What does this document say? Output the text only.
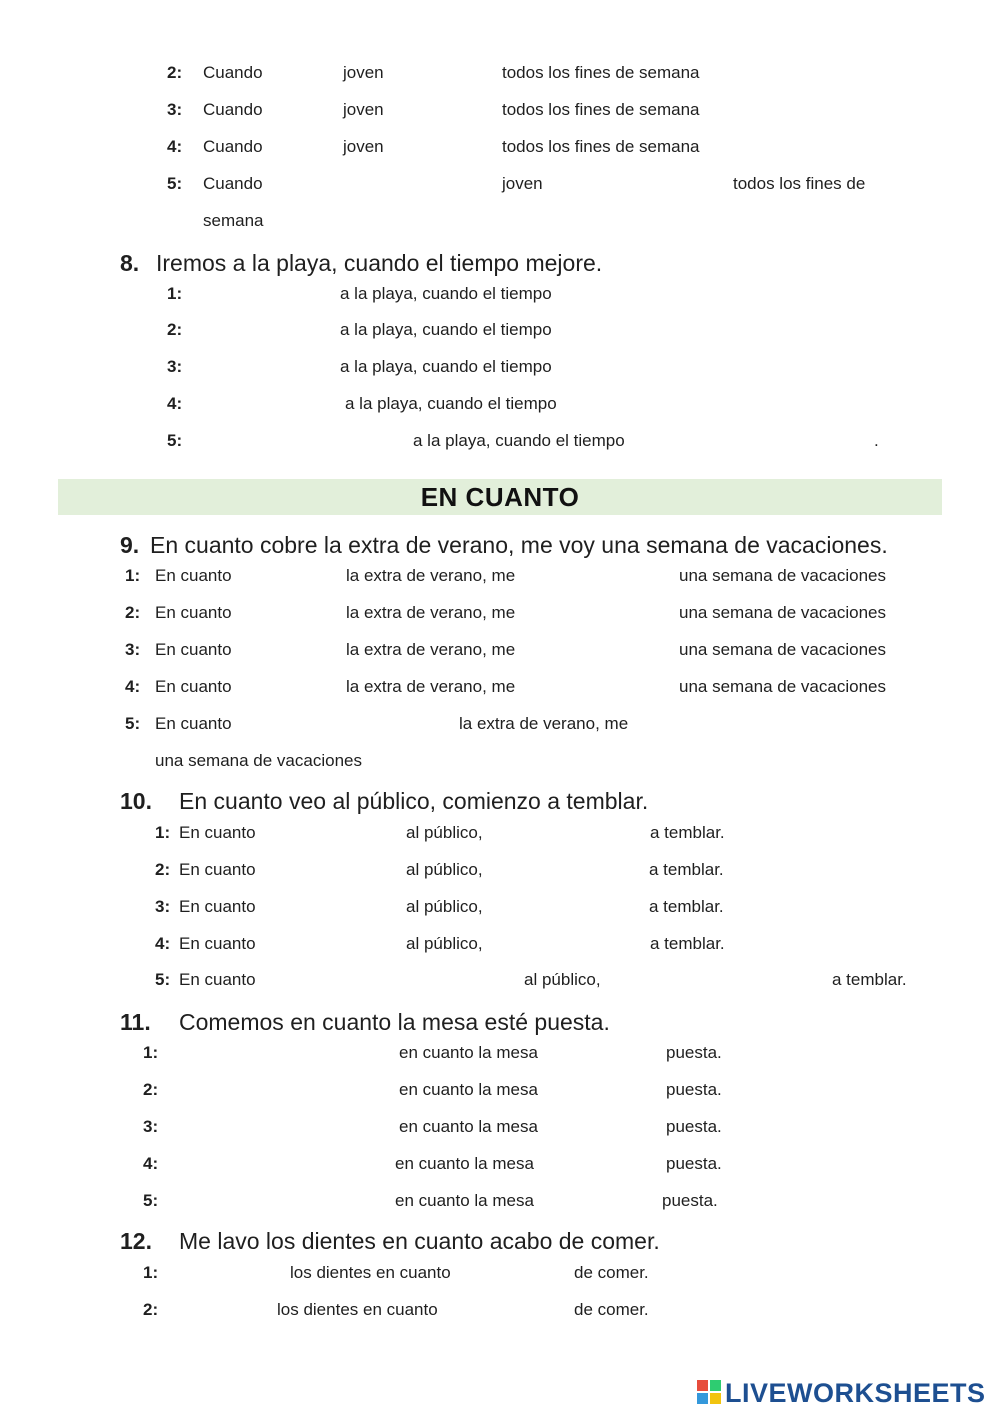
2: Cuando	joven	todos los fines de semana
3: Cuando	joven	todos los fines de semana
4: Cuando	joven	todos los fines de semana
5: Cuando	joven	todos los fines de
semana
8. Iremos a la playa, cuando el tiempo mejore.
1:	a la playa, cuando el tiempo
2:	a la playa, cuando el tiempo
3:	a la playa, cuando el tiempo
4:	a la playa, cuando el tiempo
5:	a la playa, cuando el tiempo	.
EN CUANTO
9. En cuanto cobre la extra de verano, me voy una semana de vacaciones.
1: En cuanto	la extra de verano, me	una semana de vacaciones
2: En cuanto	la extra de verano, me	una semana de vacaciones
3: En cuanto	la extra de verano, me	una semana de vacaciones
4: En cuanto	la extra de verano, me	una semana de vacaciones
5: En cuanto	la extra de verano, me
una semana de vacaciones
10. En cuanto veo al público, comienzo a temblar.
1: En cuanto	al público,	a temblar.
2: En cuanto	al público,	a temblar.
3: En cuanto	al público,	a temblar.
4: En cuanto	al público,	a temblar.
5: En cuanto	al público,	a temblar.
11. Comemos en cuanto la mesa esté puesta.
1:	en cuanto la mesa	puesta.
2:	en cuanto la mesa	puesta.
3:	en cuanto la mesa	puesta.
4:	en cuanto la mesa	puesta.
5:	en cuanto la mesa	puesta.
12. Me lavo los dientes en cuanto acabo de comer.
1:	los dientes en cuanto	de comer.
2:	los dientes en cuanto	de comer.
LIVEWORKSHEETS
